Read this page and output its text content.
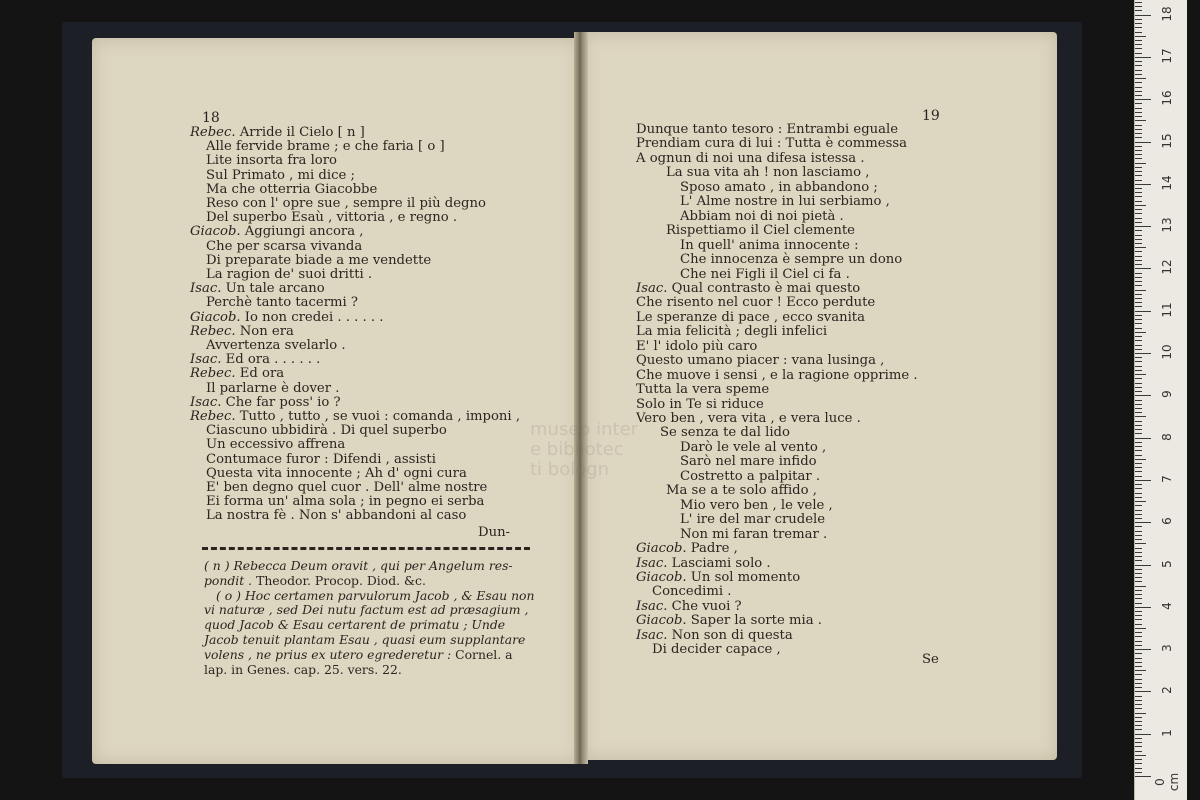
museo inter
e bibliotec
ti bologn
18	19
Rebec. Arride il Cielo [ n ]
Alle fervide brame ; e che faria [ o ]
Lite insorta fra loro
Sul Primato , mi dice ;
Ma che otterria Giacobbe
Reso con l' opre sue , sempre il più degno
Del superbo Esaù , vittoria , e regno .
Giacob. Aggiungi ancora ,
Che per scarsa vivanda
Di preparate biade a me vendette
La ragion de' suoi dritti .
Isac. Un tale arcano
Perchè tanto tacermi ?
Giacob. Io non credei . . . . . .
Rebec. Non era
Avvertenza svelarlo .
Isac. Ed ora . . . . . .
Rebec. Ed ora
Il parlarne è dover .
Isac. Che far poss' io ?
Rebec. Tutto , tutto , se vuoi : comanda , imponi ,
Ciascuno ubbidirà . Di quel superbo
Un eccessivo affrena
Contumace furor : Difendi , assisti
Questa vita innocente ; Ah d' ogni cura
E' ben degno quel cuor . Dell' alme nostre
Ei forma un' alma sola ; in pegno ei serba
La nostra fè . Non s' abbandoni al caso
Dunque tanto tesoro : Entrambi eguale
Prendiam cura di lui : Tutta è commessa
A ognun di noi una difesa istessa .
La sua vita ah ! non lasciamo ,
Sposo amato , in abbandono ;
L' Alme nostre in lui serbiamo ,
Abbiam noi di noi pietà .
Rispettiamo il Ciel clemente
In quell' anima innocente :
Che innocenza è sempre un dono
Che nei Figli il Ciel ci fa .
Isac. Qual contrasto è mai questo
Che risento nel cuor ! Ecco perdute
Le speranze di pace , ecco svanita
La mia felicità ; degli infelici
E' l' idolo più caro
Questo umano piacer : vana lusinga ,
Che muove i sensi , e la ragione opprime .
Tutta la vera speme
Solo in Te si riduce
Vero ben , vera vita , e vera luce .
Se senza te dal lido
Darò le vele al vento ,
Sarò nel mare infido
Costretto a palpitar .
Ma se a te solo affido ,
Mio vero ben , le vele ,
L' ire del mar crudele
Non mi faran tremar .
Giacob. Padre ,
Isac. Lasciami solo .
Giacob. Un sol momento
Concedimi .
Isac. Che vuoi ?
Giacob. Saper la sorte mia .
Isac. Non son di questa
Di decider capace ,
Dun-
Se
( n ) Rebecca Deum oravit , qui per Angelum res-
pondit . Theodor. Procop. Diod. &c.
( o ) Hoc certamen parvulorum Jacob , & Esau non
vi naturæ , sed Dei nutu factum est ad præsagium ,
quod Jacob & Esau certarent de primatu ; Unde
Jacob tenuit plantam Esau , quasi eum supplantare
volens , ne prius ex utero egrederetur : Cornel. a
lap. in Genes. cap. 25. vers. 22.
0 cm
1
2
3
4
5
6
7
8
9
10
11
12
13
14
15
16
17
18
